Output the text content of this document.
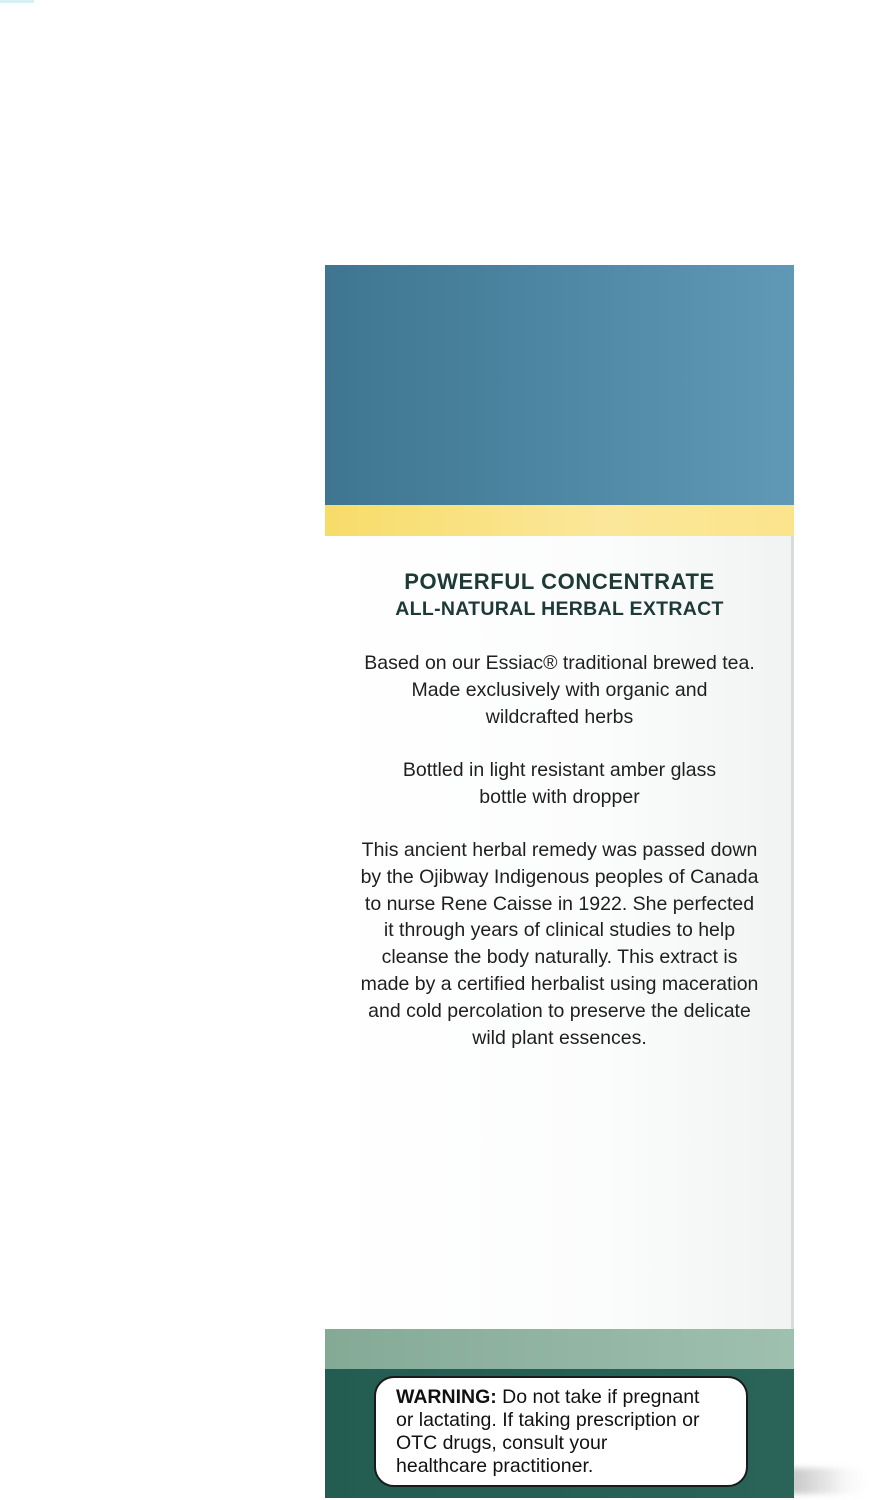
POWERFUL CONCENTRATE
ALL-NATURAL HERBAL EXTRACT

Based on our Essiac® traditional brewed tea.
Made exclusively with organic and
wildcrafted herbs

Bottled in light resistant amber glass
bottle with dropper

This ancient herbal remedy was passed down
by the Ojibway Indigenous peoples of Canada
to nurse Rene Caisse in 1922. She perfected
it through years of clinical studies to help
cleanse the body naturally. This extract is
made by a certified herbalist using maceration
and cold percolation to preserve the delicate
wild plant essences.

WARNING: Do not take if pregnant
or lactating. If taking prescription or
OTC drugs, consult your
healthcare practitioner.
